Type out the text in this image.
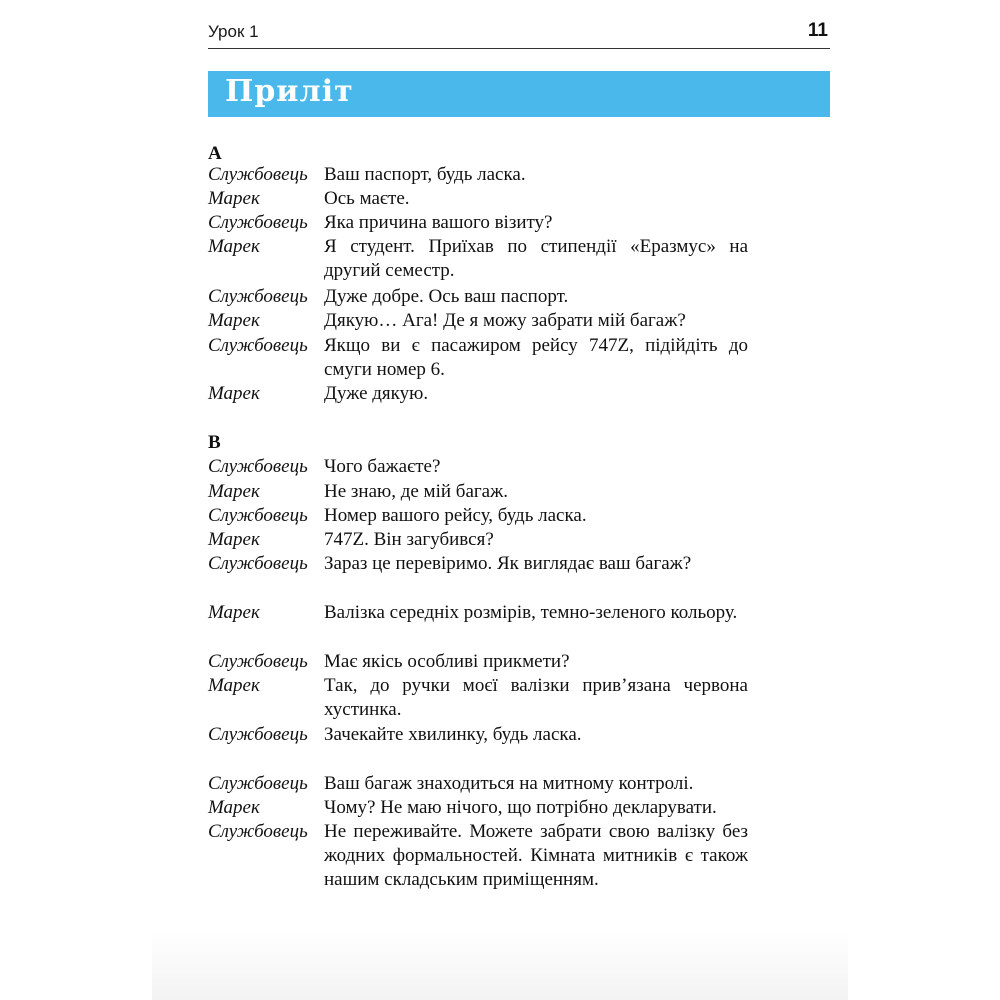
Урок 1	11
Приліт
A
Службовець Ваш паспорт, будь ласка.
Марек	Ось маєте.
Службовець Яка причина вашого візиту?
Марек	Я студент. Приїхав по стипендії «Еразмус» на другий семестр.
Службовець Дуже добре. Ось ваш паспорт.
Марек	Дякую… Ага! Де я можу забрати мій багаж?
Службовець Якщо ви є пасажиром рейсу 747Z, підійдіть до смуги номер 6.
Марек	Дуже дякую.
B
Службовець Чого бажаєте?
Марек	Не знаю, де мій багаж.
Службовець Номер вашого рейсу, будь ласка.
Марек	747Z. Він загубився?
Службовець Зараз це перевіримо. Як виглядає ваш багаж?
Марек	Валізка середніх розмірів, темно-зеленого кольору.
Службовець Має якісь особливі прикмети?
Марек	Так, до ручки моєї валізки прив’язана червона хустинка.
Службовець Зачекайте хвилинку, будь ласка.
Службовець Ваш багаж знаходиться на митному контролі.
Марек	Чому? Не маю нічого, що потрібно декларувати.
Службовець Не переживайте. Можете забрати свою валізку без жодних формальностей. Кімната митників є також нашим складським приміщенням.
